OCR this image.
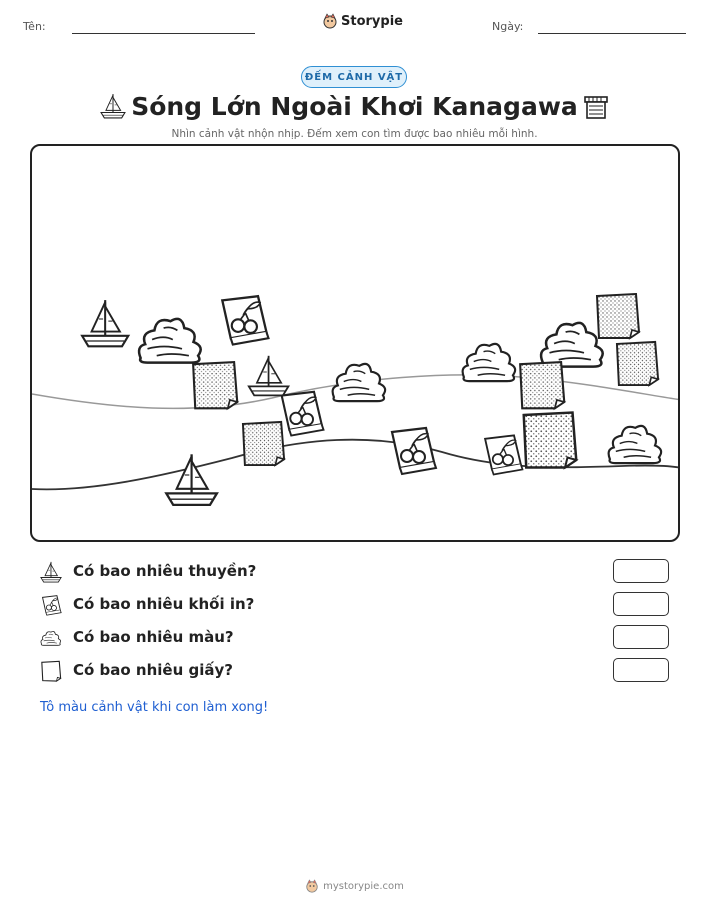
Tên:	Storypie	Ngày:
ĐẾM CẢNH VẬT
Sóng Lớn Ngoài Khơi Kanagawa
Nhìn cảnh vật nhộn nhịp. Đếm xem con tìm được bao nhiêu mỗi hình.
Có bao nhiêu thuyền?
Có bao nhiêu khối in?
Có bao nhiêu màu?
Có bao nhiêu giấy?
Tô màu cảnh vật khi con làm xong!
mystorypie.com
